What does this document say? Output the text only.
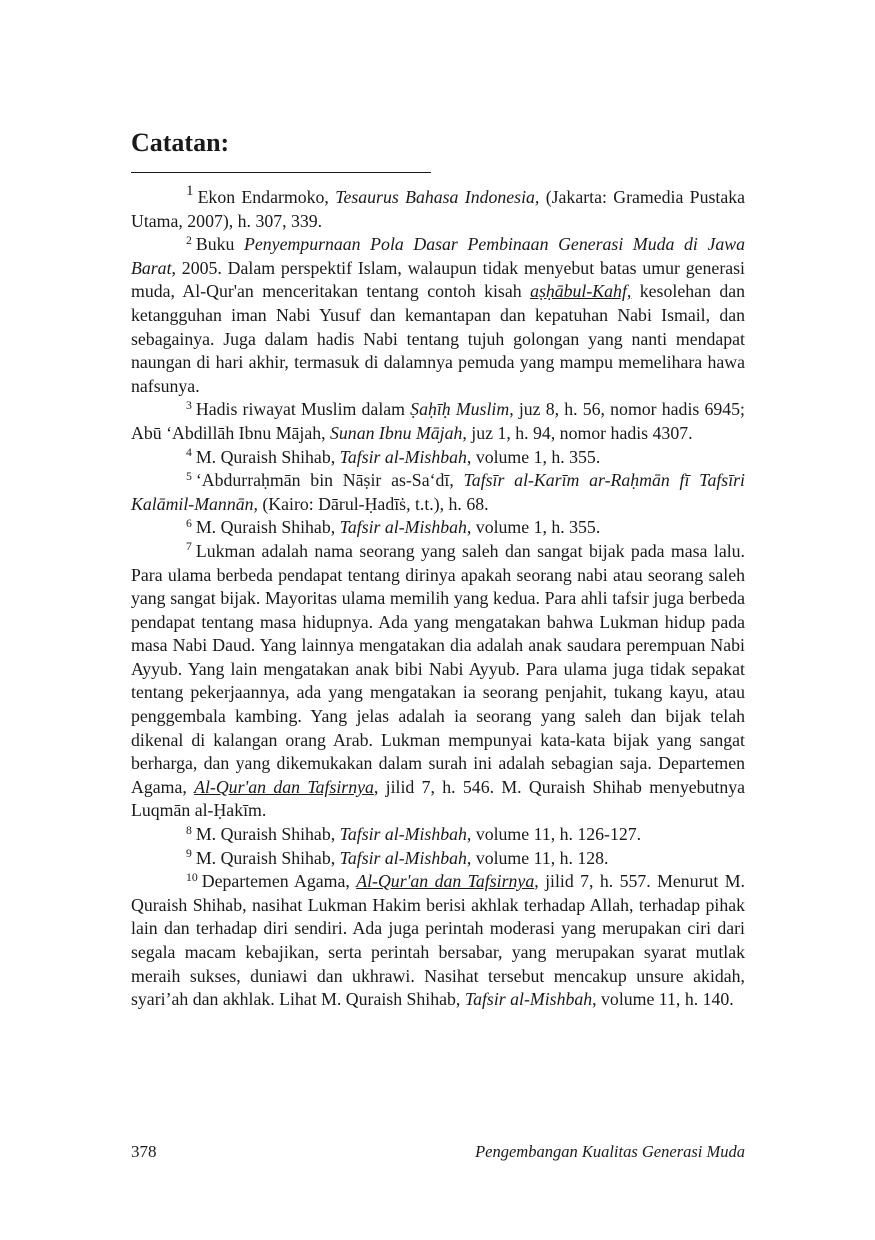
Catatan:

$^1$ Ekon Endarmoko, Tesaurus Bahasa Indonesia, (Jakarta: Gramedia Pustaka Utama, 2007), h. 307, 339.

$^2$ Buku Penyempurnaan Pola Dasar Pembinaan Generasi Muda di Jawa Barat, 2005. Dalam perspektif Islam, walaupun tidak menyebut batas umur generasi muda, Al-Qur'an menceritakan tentang contoh kisah aṣḥābul-Kahf, kesolehan dan ketangguhan iman Nabi Yusuf dan kemantapan dan kepatuhan Nabi Ismail, dan sebagainya. Juga dalam hadis Nabi tentang tujuh golongan yang nanti mendapat naungan di hari akhir, termasuk di dalamnya pemuda yang mampu memelihara hawa nafsunya.

$^3$ Hadis riwayat Muslim dalam Ṣaḥīḥ Muslim, juz 8, h. 56, nomor hadis 6945; Abū ‘Abdillāh Ibnu Mājah, Sunan Ibnu Mājah, juz 1, h. 94, nomor hadis 4307.

$^4$ M. Quraish Shihab, Tafsir al-Mishbah, volume 1, h. 355.

$^5$ ‘Abdurraḥmān bin Nāṣir as-Sa‘dī, Tafsīr al-Karīm ar-Raḥmān fī Tafsīri Kalāmil-Mannān, (Kairo: Dārul-Ḥadīṡ, t.t.), h. 68.

$^6$ M. Quraish Shihab, Tafsir al-Mishbah, volume 1, h. 355.

$^7$ Lukman adalah nama seorang yang saleh dan sangat bijak pada masa lalu. Para ulama berbeda pendapat tentang dirinya apakah seorang nabi atau seorang saleh yang sangat bijak. Mayoritas ulama memilih yang kedua. Para ahli tafsir juga berbeda pendapat tentang masa hidupnya. Ada yang mengatakan bahwa Lukman hidup pada masa Nabi Daud. Yang lainnya mengatakan dia adalah anak saudara perempuan Nabi Ayyub. Yang lain mengatakan anak bibi Nabi Ayyub. Para ulama juga tidak sepakat tentang pekerjaannya, ada yang mengatakan ia seorang penjahit, tukang kayu, atau penggembala kambing. Yang jelas adalah ia seorang yang saleh dan bijak telah dikenal di kalangan orang Arab. Lukman mempunyai kata-kata bijak yang sangat berharga, dan yang dikemukakan dalam surah ini adalah sebagian saja. Departemen Agama, Al-Qur'an dan Tafsirnya, jilid 7, h. 546. M. Quraish Shihab menyebutnya Luqmān al-Ḥakīm.

$^8$ M. Quraish Shihab, Tafsir al-Mishbah, volume 11, h. 126-127.

$^9$ M. Quraish Shihab, Tafsir al-Mishbah, volume 11, h. 128.

$^{10}$ Departemen Agama, Al-Qur'an dan Tafsirnya, jilid 7, h. 557. Menurut M. Quraish Shihab, nasihat Lukman Hakim berisi akhlak terhadap Allah, terhadap pihak lain dan terhadap diri sendiri. Ada juga perintah moderasi yang merupakan ciri dari segala macam kebajikan, serta perintah bersabar, yang merupakan syarat mutlak meraih sukses, duniawi dan ukhrawi. Nasihat tersebut mencakup unsure akidah, syari’ah dan akhlak. Lihat M. Quraish Shihab, Tafsir al-Mishbah, volume 11, h. 140.

378	Pengembangan Kualitas Generasi Muda
